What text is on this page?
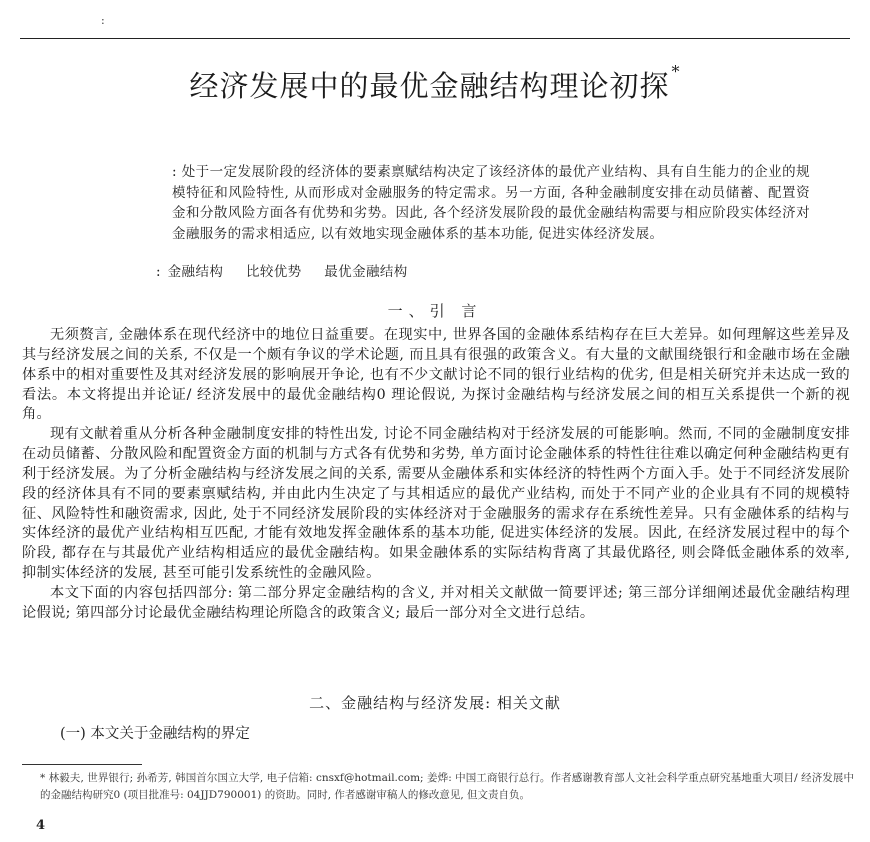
:
经济发展中的最优金融结构理论初探 *
: 处于一定发展阶段的经济体的要素禀赋结构决定了该经济体的最优产业结构、具有自生能力的企业的规模特征和风险特性, 从而形成对金融服务的特定需求。另一方面, 各种金融制度安排在动员储蓄、配置资金和分散风险方面各有优势和劣势。因此, 各个经济发展阶段的最优金融结构需要与相应阶段实体经济对金融服务的需求相适应, 以有效地实现金融体系的基本功能, 促进实体经济发展。
: 金融结构 比较优势 最优金融结构
一、引 言

无须赘言, 金融体系在现代经济中的地位日益重要。在现实中, 世界各国的金融体系结构存在巨大差异。如何理解这些差异及其与经济发展之间的关系, 不仅是一个颇有争议的学术论题, 而且具有很强的政策含义。有大量的文献围绕银行和金融市场在金融体系中的相对重要性及其对经济发展的影响展开争论, 也有不少文献讨论不同的银行业结构的优劣, 但是相关研究并未达成一致的看法。本文将提出并论证/ 经济发展中的最优金融结构0 理论假说, 为探讨金融结构与经济发展之间的相互关系提供一个新的视角。

现有文献着重从分析各种金融制度安排的特性出发, 讨论不同金融结构对于经济发展的可能影响。然而, 不同的金融制度安排在动员储蓄、分散风险和配置资金方面的机制与方式各有优势和劣势, 单方面讨论金融体系的特性往往难以确定何种金融结构更有利于经济发展。为了分析金融结构与经济发展之间的关系, 需要从金融体系和实体经济的特性两个方面入手。处于不同经济发展阶段的经济体具有不同的要素禀赋结构, 并由此内生决定了与其相适应的最优产业结构, 而处于不同产业的企业具有不同的规模特征、风险特性和融资需求, 因此, 处于不同经济发展阶段的实体经济对于金融服务的需求存在系统性差异。只有金融体系的结构与实体经济的最优产业结构相互匹配, 才能有效地发挥金融体系的基本功能, 促进实体经济的发展。因此, 在经济发展过程中的每个阶段, 都存在与其最优产业结构相适应的最优金融结构。如果金融体系的实际结构背离了其最优路径, 则会降低金融体系的效率, 抑制实体经济的发展, 甚至可能引发系统性的金融风险。

本文下面的内容包括四部分: 第二部分界定金融结构的含义, 并对相关文献做一简要评述; 第三部分详细阐述最优金融结构理论假说; 第四部分讨论最优金融结构理论所隐含的政策含义; 最后一部分对全文进行总结。

二、金融结构与经济发展: 相关文献
(一) 本文关于金融结构的界定
* 林毅夫, 世界银行; 孙希芳, 韩国首尔国立大学, 电子信箱: cnsxf@hotmail.com; 姜烨: 中国工商银行总行。作者感谢教育部人文社会科学重点研究基地重大项目/ 经济发展中的金融结构研究0 (项目批准号: 04JJD790001) 的资助。同时, 作者感谢审稿人的修改意见, 但文责自负。
4
